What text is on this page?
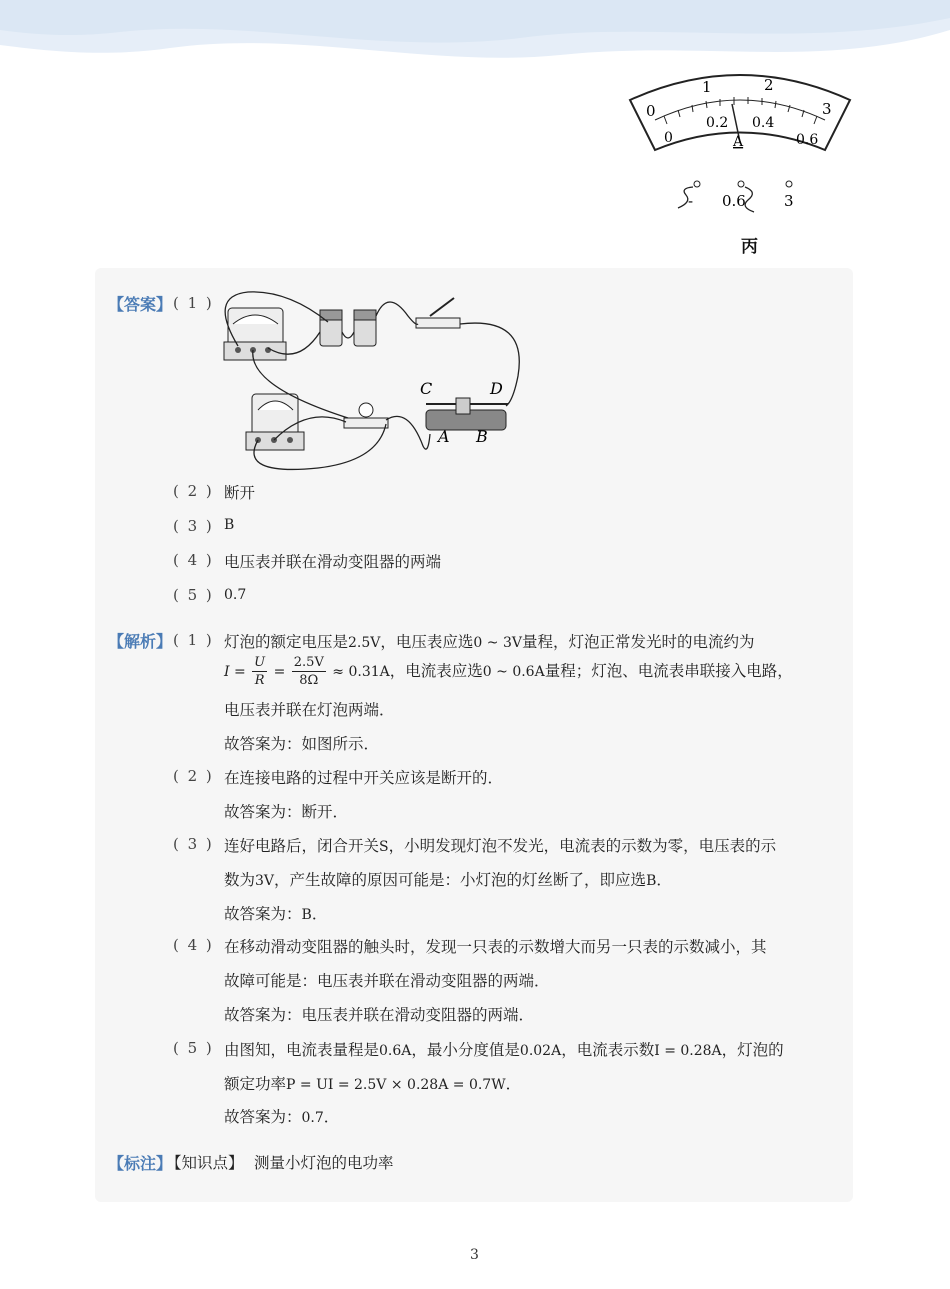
0
1	2
3
0
0.2 0.4
0.6
A
- 0.6	3
丙
【答案】 ( 1 )
C	D
A B
( 2 ) 断开
( 3 ) B
( 4 ) 电压表并联在滑动变阻器的两端
( 5 ) 0.7
【解析】 ( 1 ) 灯泡的额定电压是2.5V，电压表应选0 ~ 3V量程，灯泡正常发光时的电流约为
$I = \frac{U}{R} = \frac{2.5V}{8\Omega} \approx 0.31A$，电流表应选0 ~ 0.6A量程；灯泡、电流表串联接入电路，
电压表并联在灯泡两端．
故答案为：如图所示．
( 2 ) 在连接电路的过程中开关应该是断开的．
故答案为：断开．
( 3 ) 连好电路后，闭合开关S，小明发现灯泡不发光，电流表的示数为零，电压表的示
数为3V，产生故障的原因可能是：小灯泡的灯丝断了，即应选B．
故答案为：B．
( 4 ) 在移动滑动变阻器的触头时，发现一只表的示数增大而另一只表的示数减小，其
故障可能是：电压表并联在滑动变阻器的两端．
故答案为：电压表并联在滑动变阻器的两端．
( 5 ) 由图知，电流表量程是0.6A，最小分度值是0.02A，电流表示数I = 0.28A，灯泡的
额定功率P = UI = 2.5V × 0.28A = 0.7W．
故答案为：0.7．
【标注】
【知识点】 测量小灯泡的电功率
3
